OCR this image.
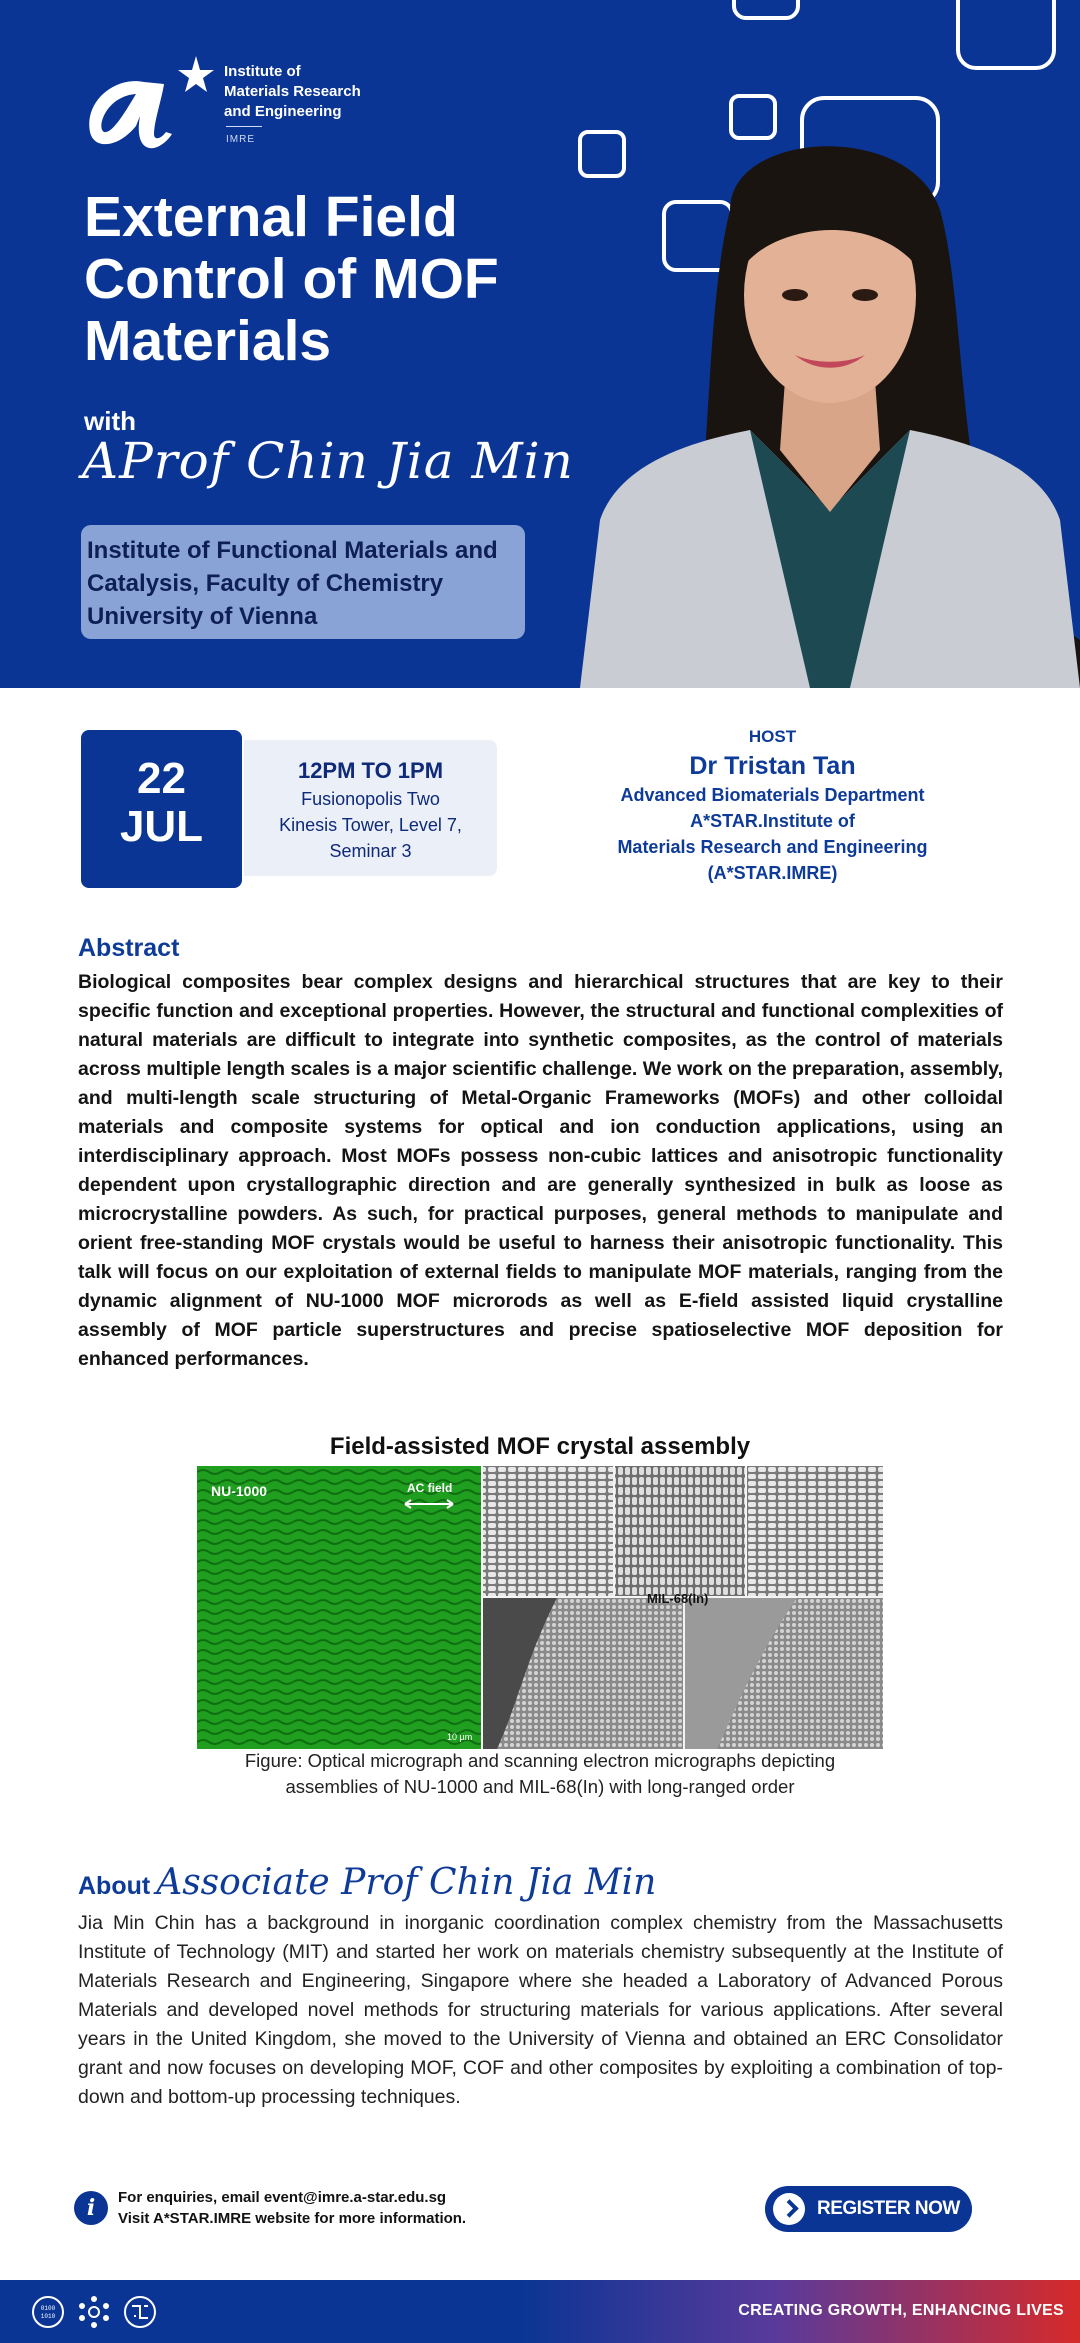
Institute of
Materials Research
and Engineering
IMRE
External Field Control of MOF Materials
with
AProf Chin Jia Min
Institute of Functional Materials and Catalysis, Faculty of Chemistry University of Vienna
22
JUL
12PM TO 1PM
Fusionopolis Two
Kinesis Tower, Level 7,
Seminar 3
HOST
Dr Tristan Tan
Advanced Biomaterials Department
A*STAR.Institute of
Materials Research and Engineering
(A*STAR.IMRE)
Abstract
Biological composites bear complex designs and hierarchical structures that are key to their specific function and exceptional properties. However, the structural and functional complexities of natural materials are difficult to integrate into synthetic composites, as the control of materials across multiple length scales is a major scientific challenge. We work on the preparation, assembly, and multi-length scale structuring of Metal-Organic Frameworks (MOFs) and other colloidal materials and composite systems for optical and ion conduction applications, using an interdisciplinary approach. Most MOFs possess non-cubic lattices and anisotropic functionality dependent upon crystallographic direction and are generally synthesized in bulk as loose as microcrystalline powders. As such, for practical purposes, general methods to manipulate and orient free-standing MOF crystals would be useful to harness their anisotropic functionality. This talk will focus on our exploitation of external fields to manipulate MOF materials, ranging from the dynamic alignment of NU-1000 MOF microrods as well as E-field assisted liquid crystalline assembly of MOF particle superstructures and precise spatioselective MOF deposition for enhanced performances.
Field-assisted MOF crystal assembly
NU-1000	AC field
10 µm
MIL-68(In)
Figure: Optical micrograph and scanning electron micrographs depicting
assemblies of NU-1000 and MIL-68(In) with long-ranged order
About Associate Prof Chin Jia Min
Jia Min Chin has a background in inorganic coordination complex chemistry from the Massachusetts Institute of Technology (MIT) and started her work on materials chemistry subsequently at the Institute of Materials Research and Engineering, Singapore where she headed a Laboratory of Advanced Porous Materials and developed novel methods for structuring materials for various applications. After several years in the United Kingdom, she moved to the University of Vienna and obtained an ERC Consolidator grant and now focuses on developing MOF, COF and other composites by exploiting a combination of top-down and bottom-up processing techniques.
i	For enquiries, email event@imre.a-star.edu.sg
Visit A*STAR.IMRE website for more information.	REGISTER NOW
0100
1010	CREATING GROWTH, ENHANCING LIVES
